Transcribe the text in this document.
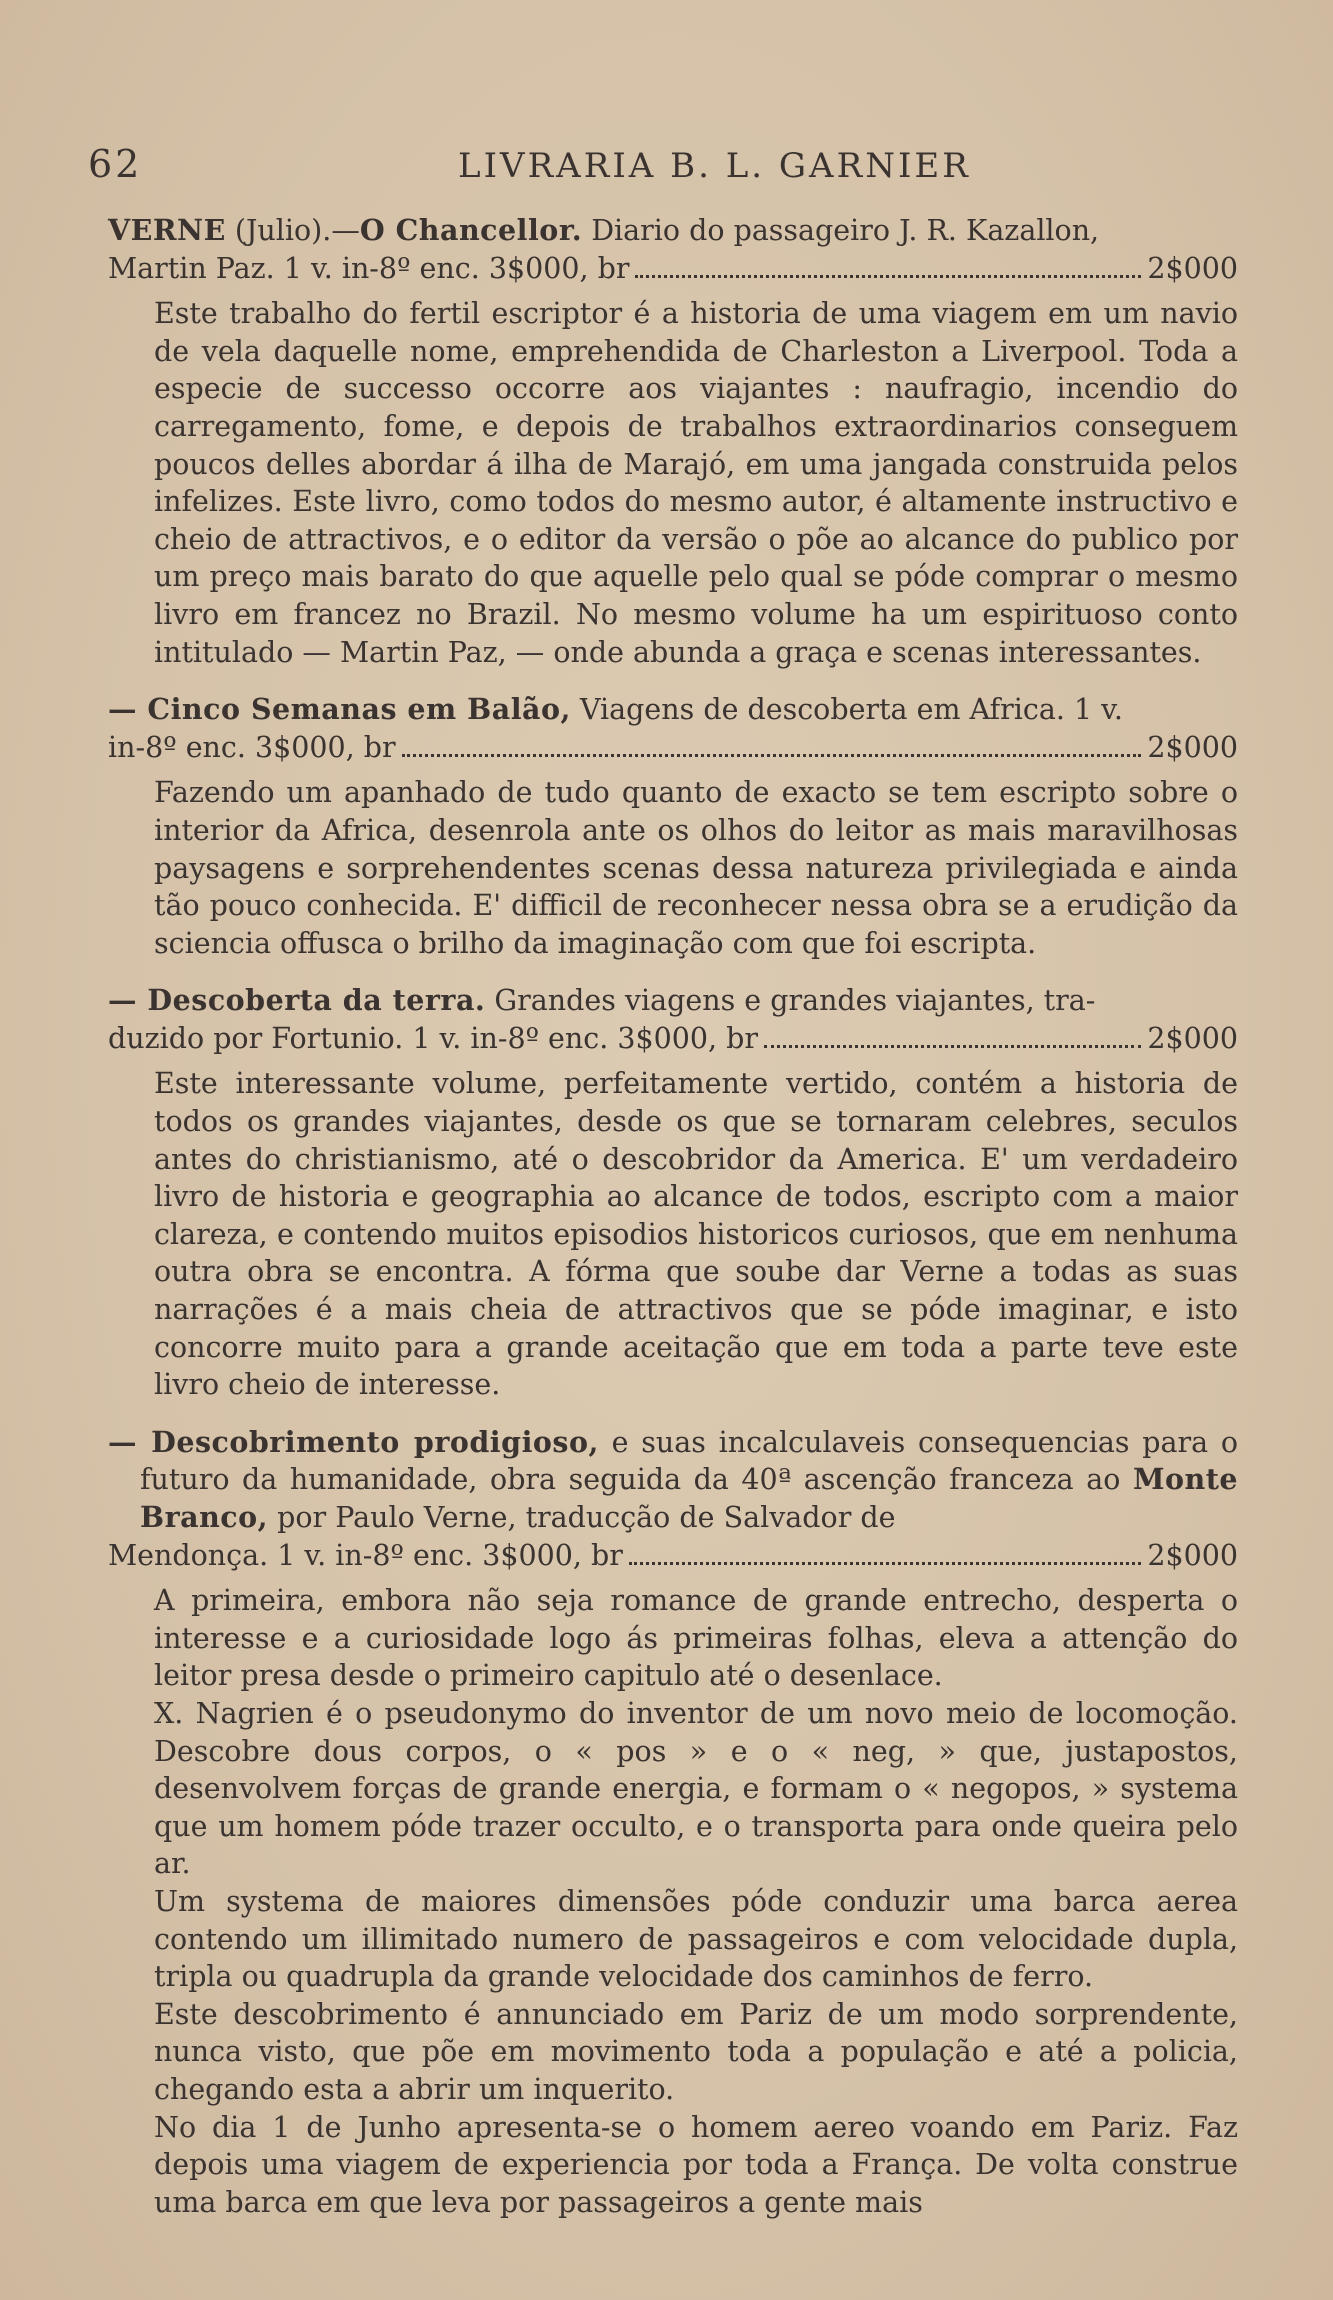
62	LIVRARIA B. L. GARNIER
VERNE (Julio).—O Chancellor. Diario do passageiro J. R. Kazallon,
Martin Paz. 1 v. in-8º enc. 3$000, br	2$000

Este trabalho do fertil escriptor é a historia de uma viagem em um navio de vela daquelle nome, emprehendida de Charleston a Liverpool. Toda a especie de successo occorre aos viajantes : naufragio, incendio do carregamento, fome, e depois de trabalhos extraordinarios conseguem poucos delles abordar á ilha de Marajó, em uma jangada construida pelos infelizes. Este livro, como todos do mesmo autor, é altamente instructivo e cheio de attractivos, e o editor da versão o põe ao alcance do publico por um preço mais barato do que aquelle pelo qual se póde comprar o mesmo livro em francez no Brazil. No mesmo volume ha um espirituoso conto intitulado — Martin Paz, — onde abunda a graça e scenas interessantes.

— Cinco Semanas em Balão, Viagens de descoberta em Africa. 1 v.
in-8º enc. 3$000, br	2$000

Fazendo um apanhado de tudo quanto de exacto se tem escripto sobre o interior da Africa, desenrola ante os olhos do leitor as mais maravilhosas paysagens e sorprehendentes scenas dessa natureza privilegiada e ainda tão pouco conhecida. E' difficil de reconhecer nessa obra se a erudição da sciencia offusca o brilho da imaginação com que foi escripta.

— Descoberta da terra. Grandes viagens e grandes viajantes, tra-
duzido por Fortunio. 1 v. in-8º enc. 3$000, br	2$000

Este interessante volume, perfeitamente vertido, contém a historia de todos os grandes viajantes, desde os que se tornaram celebres, seculos antes do christianismo, até o descobridor da America. E' um verdadeiro livro de historia e geographia ao alcance de todos, escripto com a maior clareza, e contendo muitos episodios historicos curiosos, que em nenhuma outra obra se encontra. A fórma que soube dar Verne a todas as suas narrações é a mais cheia de attractivos que se póde imaginar, e isto concorre muito para a grande aceitação que em toda a parte teve este livro cheio de interesse.

— Descobrimento prodigioso, e suas incalculaveis consequencias para o futuro da humanidade, obra seguida da 40ª ascenção franceza ao Monte Branco, por Paulo Verne, traducção de Salvador de
Mendonça. 1 v. in-8º enc. 3$000, br	2$000

A primeira, embora não seja romance de grande entrecho, desperta o interesse e a curiosidade logo ás primeiras folhas, eleva a attenção do leitor presa desde o primeiro capitulo até o desenlace.

X. Nagrien é o pseudonymo do inventor de um novo meio de locomoção. Descobre dous corpos, o « pos » e o « neg, » que, justapostos, desenvolvem forças de grande energia, e formam o « negopos, » systema que um homem póde trazer occulto, e o transporta para onde queira pelo ar.

Um systema de maiores dimensões póde conduzir uma barca aerea contendo um illimitado numero de passageiros e com velocidade dupla, tripla ou quadrupla da grande velocidade dos caminhos de ferro.

Este descobrimento é annunciado em Pariz de um modo sorprendente, nunca visto, que põe em movimento toda a população e até a policia, chegando esta a abrir um inquerito.

No dia 1 de Junho apresenta-se o homem aereo voando em Pariz. Faz depois uma viagem de experiencia por toda a França. De volta construe uma barca em que leva por passageiros a gente mais
